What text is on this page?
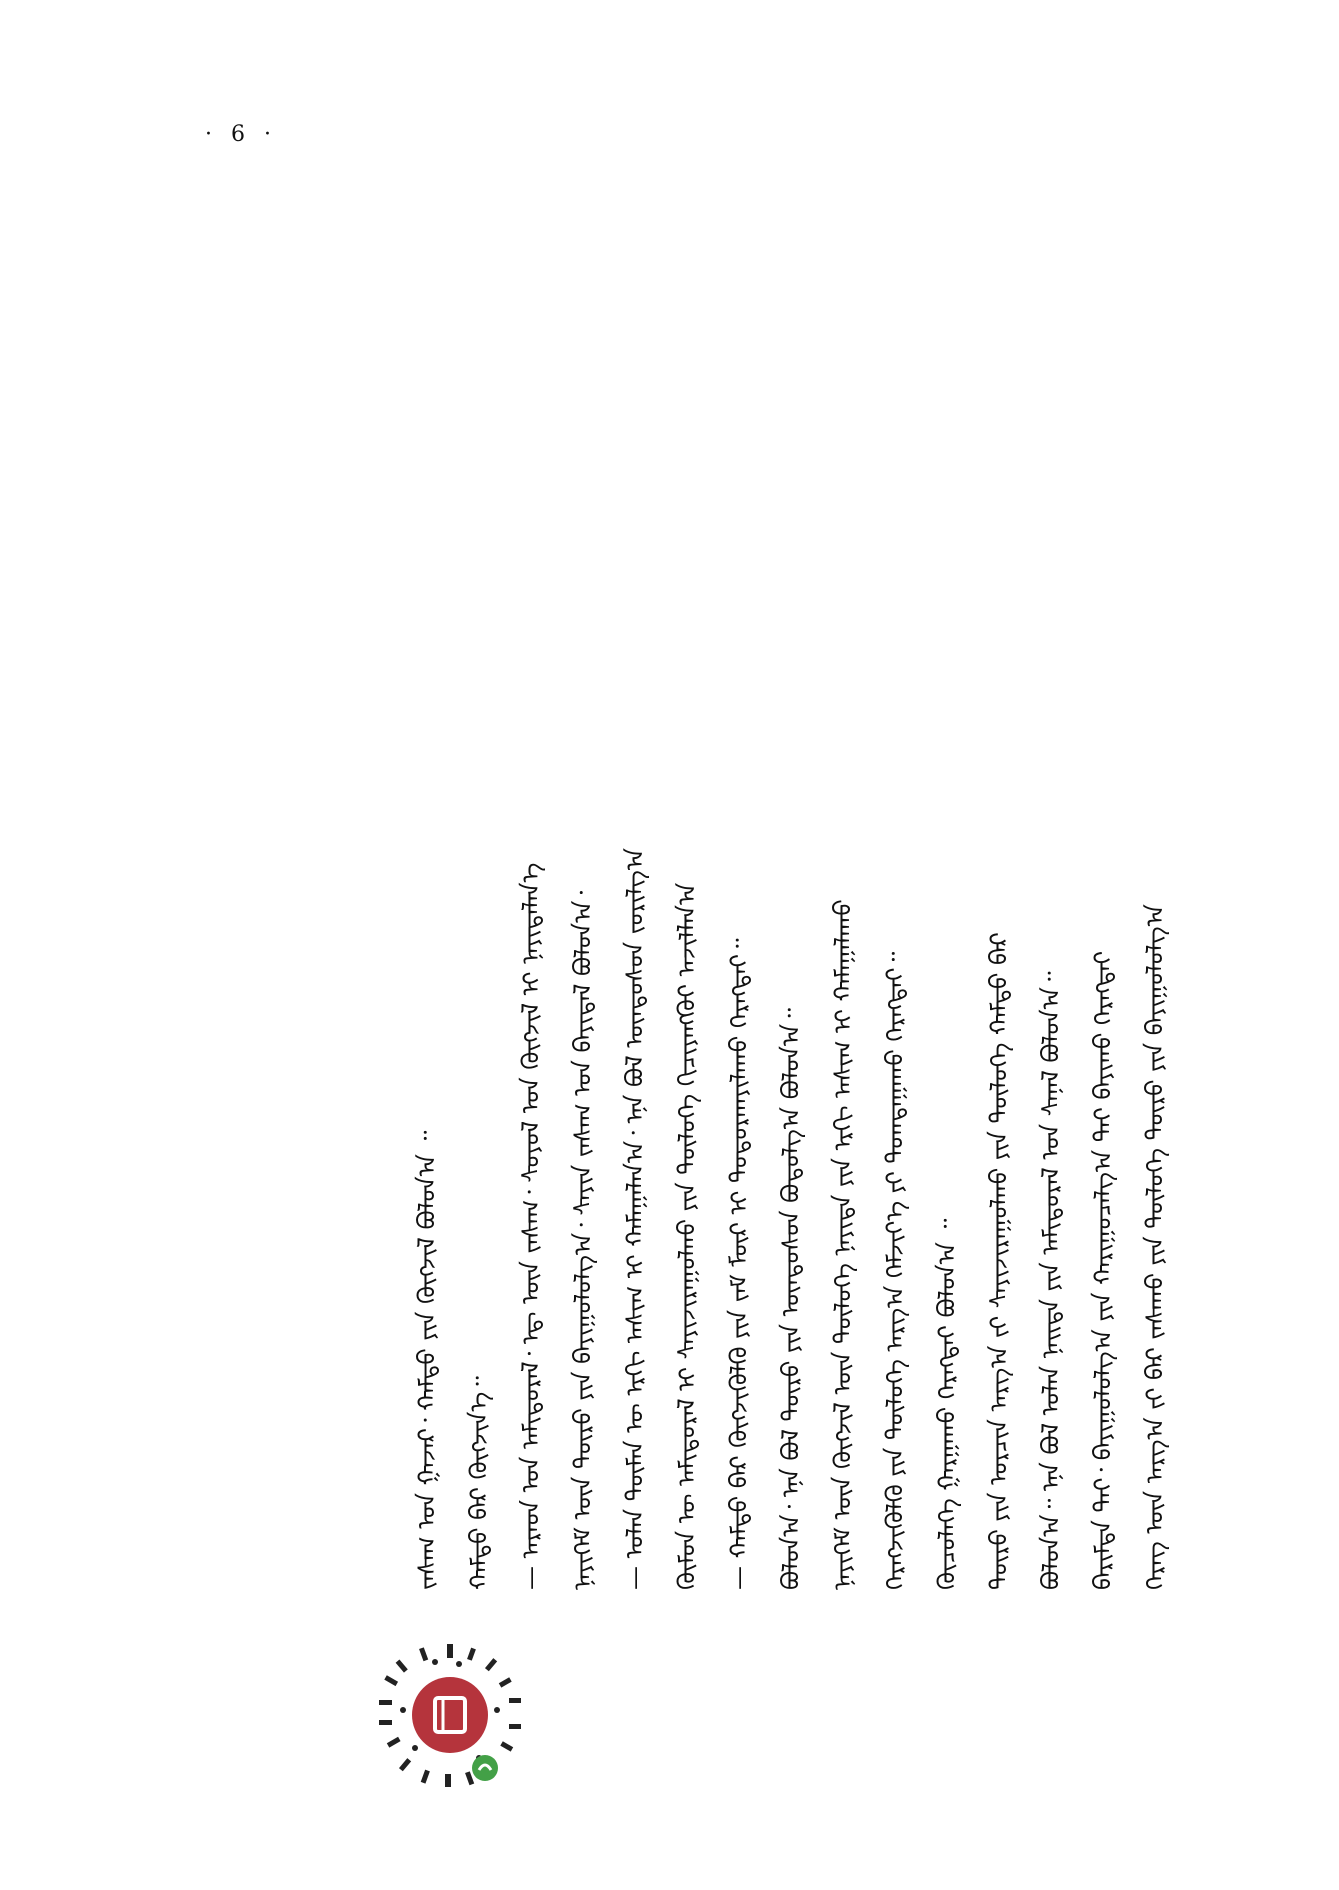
· 6 ·
ᠬᠡᠷᠡᠭ ᠦᠨ ᠠᠷᠭ᠎ᠠ ᠵᠢ ᠪᠡᠷ ᠵᠠᠰᠠᠬᠤ ᠶᠢᠨ ᠲᠥᠯᠥᠭᠡ ᠲᠥᠷᠥ ᠶᠢᠨ ᠪᠠᠶᠢᠭᠤᠯᠤᠯᠭ᠎ᠠ
ᠪᠠᠷᠢᠮᠲᠠ ᠲᠠᠢ᠂ ᠪᠠᠶᠢᠭᠤᠯᠤᠯᠭ᠎ᠠ ᠶᠢᠨ ᠬᠠᠷᠢᠭᠤᠴᠠᠯᠭ᠎ᠠ ᠲᠠᠢ ᠪᠠᠶᠢᠬᠤ ᠬᠡᠷᠡᠭᠲᠡᠢ
ᠪᠣᠯᠤᠨ᠎ᠠ᠃ ᠡᠨᠡ ᠪᠣᠯ ᠣᠯᠠᠨ ᠨᠡᠢᠲᠡ ᠶᠢᠨ ᠠᠮᠢᠳᠤᠷᠠᠯ ᠤᠨ ᠰᠠᠨᠠᠯ ᠪᠣᠯᠤᠨ᠎ᠠ᠃
ᠲᠥᠷᠥ ᠶᠢᠨ ᠣᠷᠴᠢᠨ ᠠᠷᠭ᠎ᠠ ᠵᠢ ᠰᠠᠶᠢᠵᠢᠷᠠᠭᠤᠯᠬᠤ ᠶᠢᠨ ᠲᠥᠯᠥᠭᠡ ᠬᠠᠮᠲᠤ ᠪᠠᠷ
ᠬᠦᠴᠦᠯᠡᠭᠡ ᠭᠠᠷᠭᠠᠬᠤ ᠬᠡᠷᠡᠭᠲᠡᠢ ᠪᠣᠯᠤᠨ᠎ᠠ ᠃
ᠬᠡᠷᠡᠭᠵᠢᠭᠦᠯᠬᠦ ᠶᠢᠨ ᠲᠥᠯᠥᠭᠡ ᠠᠷᠭ᠎ᠠ ᠬᠡᠮᠵᠢᠶ᠎ᠡ ᠶᠢ ᠲᠣᠭᠲᠠᠭᠠᠬᠤ ᠬᠡᠷᠡᠭᠲᠡᠢ᠃
ᠨᠡᠶᠢᠭᠡᠮ ᠦᠨ ᠬᠥᠭᠵᠢᠯ ᠦᠨ ᠲᠥᠯᠥᠭᠡ ᠨᠡᠶᠢᠲᠡ ᠶᠢᠨ ᠡᠷᠬᠢ ᠠᠰᠢᠭ ᠢ ᠬᠠᠮᠠᠭᠠᠯᠠᠬᠤ
ᠪᠣᠯᠤᠨ᠎ᠠ᠂ ᠡᠨᠡ ᠪᠣᠯ ᠲᠥᠷᠥ ᠶᠢᠨ ᠦᠨᠳᠦᠰᠦᠨ ᠪᠣᠳᠤᠯᠭ᠎ᠠ ᠪᠣᠯᠤᠨ᠎ᠠ᠃
— ᠬᠠᠮᠲᠤ ᠪᠠᠷ ᠬᠥᠭᠵᠢᠭᠦᠯᠬᠦ ᠶᠢᠨ ᠵᠠᠮ ᠮᠥᠷ ᠢ ᠲᠣᠳᠤᠷᠬᠠᠶᠢᠯᠠᠬᠤ ᠬᠡᠷᠡᠭᠲᠡᠢ᠃
ᠬᠥᠮᠦᠨ ᠦ ᠠᠮᠢᠳᠤᠷᠠᠯ ᠢ ᠰᠠᠶᠢᠵᠢᠷᠠᠭᠤᠯᠬᠤ ᠶᠢᠨ ᠲᠥᠯᠥᠭᠡ ᠬᠢᠴᠢᠶᠡᠩᠭᠦᠢ ᠠᠵᠢᠯᠯᠠᠨ᠎ᠠ
— ᠣᠯᠠᠨ ᠲᠦᠮᠡᠨ ᠦ ᠡᠷᠬᠢ ᠠᠰᠢᠭ ᠢ ᠬᠠᠮᠠᠭᠠᠯᠠᠨ᠎ᠠ᠂ ᠡᠨᠡ ᠪᠣᠯ ᠦᠨᠳᠦᠰᠦᠨ ᠵᠣᠷᠢᠯᠭ᠎ᠠ
ᠨᠡᠶᠢᠭᠡᠮ ᠦᠨ ᠲᠥᠷᠥ ᠶᠢᠨ ᠪᠠᠶᠢᠭᠤᠯᠤᠯᠭ᠎ᠠ᠂ ᠰᠠᠶᠢᠨ ᠵᠠᠰᠠᠭ ᠤᠨ ᠪᠠᠶᠢᠳᠠᠯ ᠪᠣᠯᠤᠨ᠎ᠠ᠂
— ᠠᠷᠠᠳ ᠤᠨ ᠠᠮᠢᠳᠤᠷᠠᠯ᠂ ᠡᠳ᠋ ᠦᠨ ᠵᠠᠰᠠᠭ᠂ ᠰᠣᠶᠣᠯ ᠤᠨ ᠬᠥᠭᠵᠢᠯ ᠢ ᠨᠡᠶᠢᠲᠡᠯᠡᠨ᠎ᠡ
ᠬᠠᠮᠲᠤ ᠪᠠᠷ ᠬᠥᠭᠵᠢᠨ᠎ᠡ᠃
ᠵᠠᠰᠠᠭ ᠤᠨ ᠭᠠᠵᠠᠷ᠂ ᠬᠠᠮᠲᠤ ᠶᠢᠨ ᠬᠥᠭᠵᠢᠯ ᠪᠣᠯᠤᠨ᠎ᠠ ᠃
